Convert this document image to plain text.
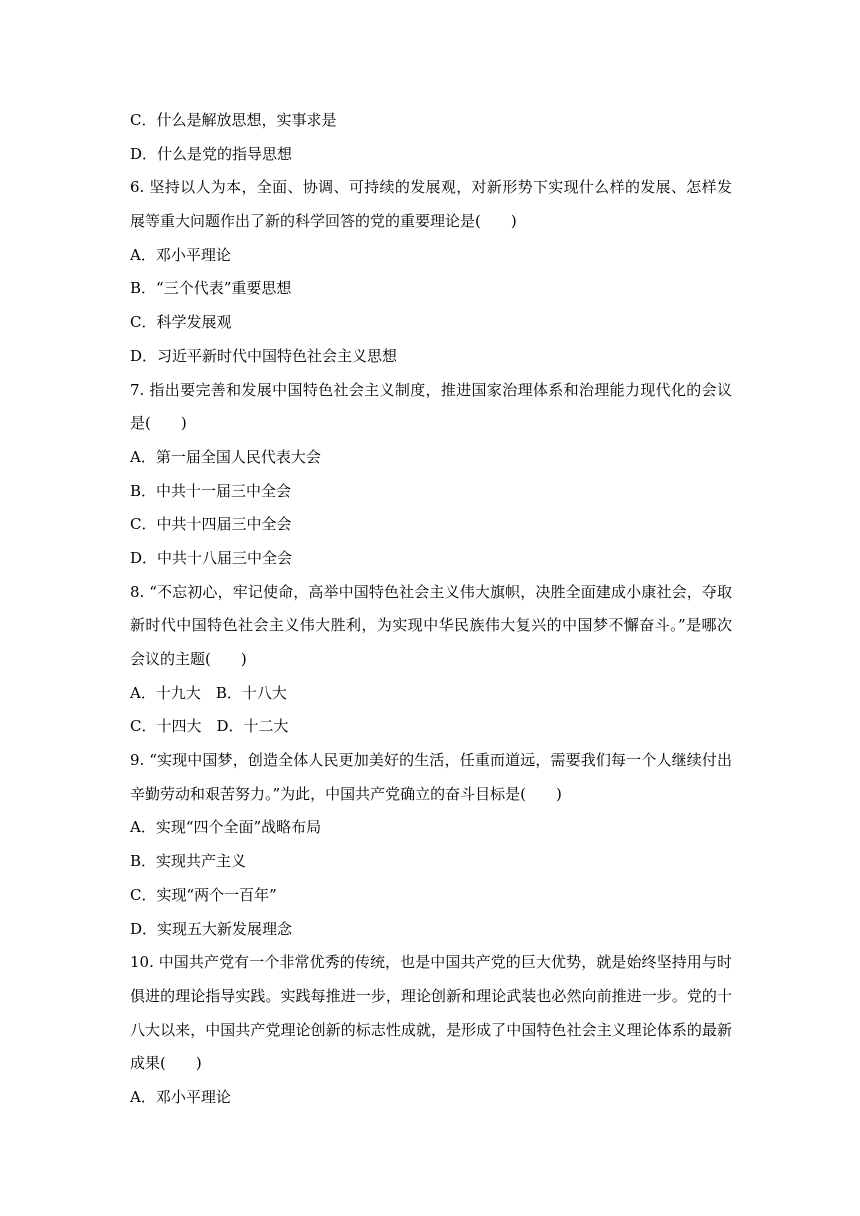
C．什么是解放思想，实事求是
D．什么是党的指导思想
6. 坚持以人为本，全面、协调、可持续的发展观，对新形势下实现什么样的发展、怎样发
展等重大问题作出了新的科学回答的党的重要理论是(　　)
A．邓小平理论
B．“三个代表”重要思想
C．科学发展观
D．习近平新时代中国特色社会主义思想
7. 指出要完善和发展中国特色社会主义制度，推进国家治理体系和治理能力现代化的会议
是(　　)
A．第一届全国人民代表大会
B．中共十一届三中全会
C．中共十四届三中全会
D．中共十八届三中全会
8. “不忘初心，牢记使命，高举中国特色社会主义伟大旗帜，决胜全面建成小康社会，夺取
新时代中国特色社会主义伟大胜利，为实现中华民族伟大复兴的中国梦不懈奋斗。”是哪次
会议的主题(　　)
A．十九大　B．十八大
C．十四大　D．十二大
9. “实现中国梦，创造全体人民更加美好的生活，任重而道远，需要我们每一个人继续付出
辛勤劳动和艰苦努力。”为此，中国共产党确立的奋斗目标是(　　)
A．实现“四个全面”战略布局
B．实现共产主义
C．实现“两个一百年”
D．实现五大新发展理念
10. 中国共产党有一个非常优秀的传统，也是中国共产党的巨大优势，就是始终坚持用与时
俱进的理论指导实践。实践每推进一步，理论创新和理论武装也必然向前推进一步。党的十
八大以来，中国共产党理论创新的标志性成就，是形成了中国特色社会主义理论体系的最新
成果(　　)
A．邓小平理论
